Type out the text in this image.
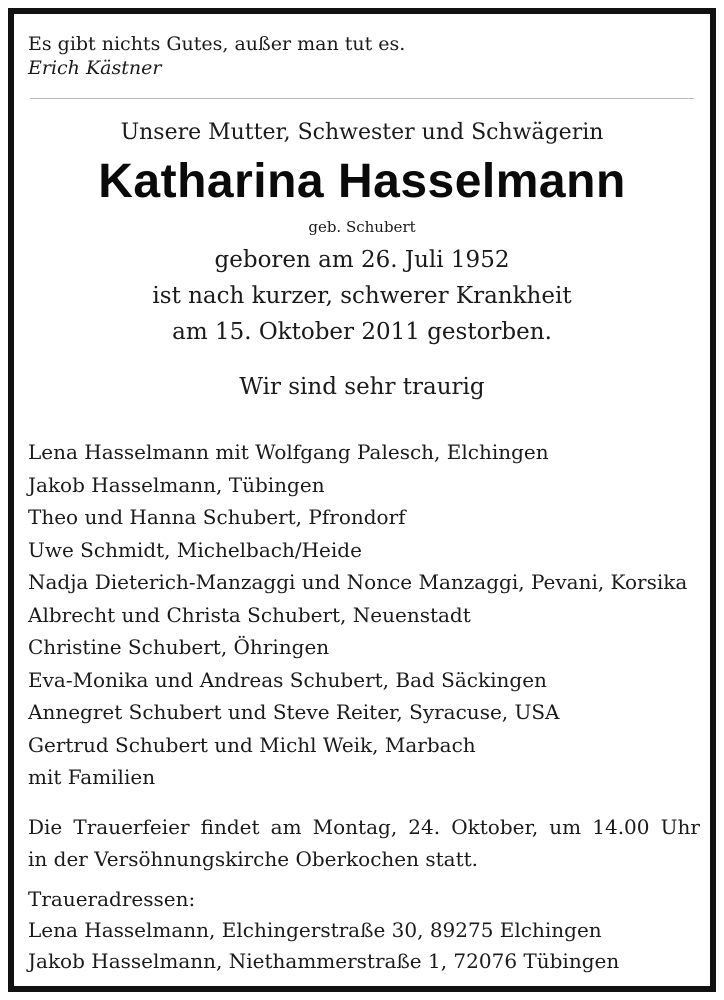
Es gibt nichts Gutes, außer man tut es.
Erich Kästner
Unsere Mutter, Schwester und Schwägerin
Katharina Hasselmann
geb. Schubert
geboren am 26. Juli 1952
ist nach kurzer, schwerer Krankheit
am 15. Oktober 2011 gestorben.
Wir sind sehr traurig
Lena Hasselmann mit Wolfgang Palesch, Elchingen
Jakob Hasselmann, Tübingen
Theo und Hanna Schubert, Pfrondorf
Uwe Schmidt, Michelbach/Heide
Nadja Dieterich-Manzaggi und Nonce Manzaggi, Pevani, Korsika
Albrecht und Christa Schubert, Neuenstadt
Christine Schubert, Öhringen
Eva-Monika und Andreas Schubert, Bad Säckingen
Annegret Schubert und Steve Reiter, Syracuse, USA
Gertrud Schubert und Michl Weik, Marbach
mit Familien
Die Trauerfeier findet am Montag, 24. Oktober, um 14.00 Uhr
in der Versöhnungskirche Oberkochen statt.
Traueradressen:
Lena Hasselmann, Elchingerstraße 30, 89275 Elchingen
Jakob Hasselmann, Niethammerstraße 1, 72076 Tübingen
